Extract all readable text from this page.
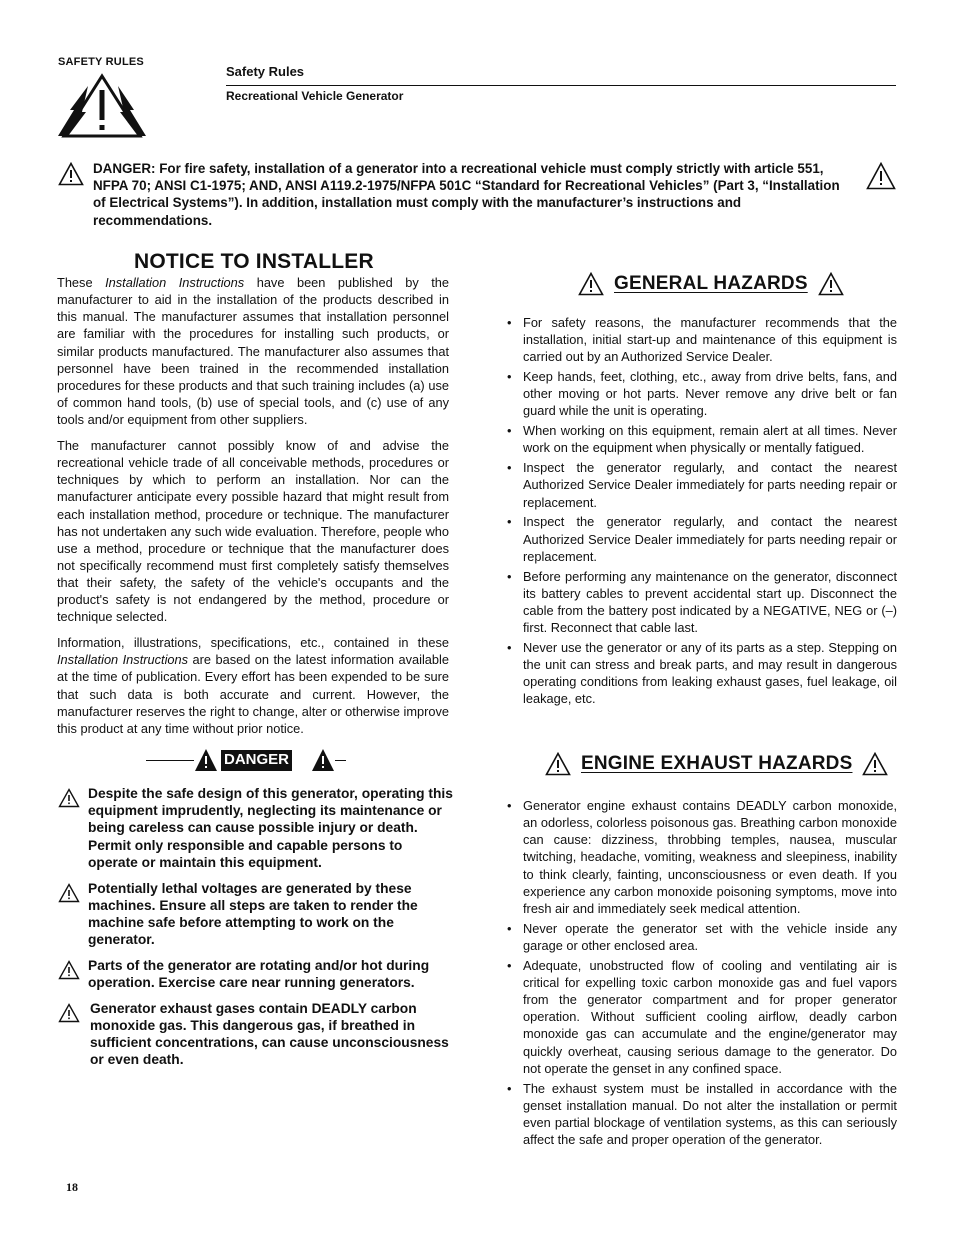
SAFETY RULES
Safety Rules
Recreational Vehicle Generator
DANGER: For fire safety, installation of a generator into a recreational vehicle must comply strictly with article 551, NFPA 70; ANSI C1-1975; AND, ANSI A119.2-1975/NFPA 501C “Standard for Recreational Vehicles” (Part 3, “Installation of Electrical Systems”). In addition, installation must comply with the manufacturer’s instructions and recommendations.
NOTICE TO INSTALLER

These Installation Instructions have been published by the manufacturer to aid in the installation of the products described in this manual. The manufacturer assumes that installation personnel are familiar with the procedures for installing such products, or similar products manufactured. The manufacturer also assumes that personnel have been trained in the recommended installation procedures for these products and that such training includes (a) use of common hand tools, (b) use of special tools, and (c) use of any tools and/or equipment from other suppliers.

The manufacturer cannot possibly know of and advise the recreational vehicle trade of all conceivable methods, procedures or techniques by which to perform an installation. Nor can the manufacturer anticipate every possible hazard that might result from each installation method, procedure or technique. The manufacturer has not undertaken any such wide evaluation. Therefore, people who use a method, procedure or technique that the manufacturer does not specifically recommend must first completely satisfy themselves that their safety, the safety of the vehicle's occupants and the product's safety is not endangered by the method, procedure or technique selected.

Information, illustrations, specifications, etc., contained in these Installation Instructions are based on the latest information available at the time of publication. Every effort has been expended to be sure that such data is both accurate and current. However, the manufacturer reserves the right to change, alter or otherwise improve this product at any time without prior notice.

DANGER
Despite the safe design of this generator, operating this equipment imprudently, neglecting its maintenance or being careless can cause possible injury or death. Permit only responsible and capable persons to operate or maintain this equipment.
Potentially lethal voltages are generated by these machines. Ensure all steps are taken to render the machine safe before attempting to work on the generator.
Parts of the generator are rotating and/or hot during operation. Exercise care near running generators.
Generator exhaust gases contain DEADLY carbon monoxide gas. This dangerous gas, if breathed in sufficient concentrations, can cause unconsciousness or even death.
GENERAL HAZARDS
• For safety reasons, the manufacturer recommends that the installation, initial start-up and maintenance of this equipment is carried out by an Authorized Service Dealer.
• Keep hands, feet, clothing, etc., away from drive belts, fans, and other moving or hot parts. Never remove any drive belt or fan guard while the unit is operating.
• When working on this equipment, remain alert at all times. Never work on the equipment when physically or mentally fatigued.
• Inspect the generator regularly, and contact the nearest Authorized Service Dealer immediately for parts needing repair or replacement.
• Inspect the generator regularly, and contact the nearest Authorized Service Dealer immediately for parts needing repair or replacement.
• Before performing any maintenance on the generator, disconnect its battery cables to prevent accidental start up. Disconnect the cable from the battery post indicated by a NEGATIVE, NEG or (–) first. Reconnect that cable last.
• Never use the generator or any of its parts as a step. Stepping on the unit can stress and break parts, and may result in dangerous operating conditions from leaking exhaust gases, fuel leakage, oil leakage, etc.
ENGINE EXHAUST HAZARDS
• Generator engine exhaust contains DEADLY carbon monoxide, an odorless, colorless poisonous gas. Breathing carbon monoxide can cause: dizziness, throbbing temples, nausea, muscular twitching, headache, vomiting, weakness and sleepiness, inability to think clearly, fainting, unconsciousness or even death. If you experience any carbon monoxide poisoning symptoms, move into fresh air and immediately seek medical attention.
• Never operate the generator set with the vehicle inside any garage or other enclosed area.
• Adequate, unobstructed flow of cooling and ventilating air is critical for expelling toxic carbon monoxide gas and fuel vapors from the generator compartment and for proper generator operation. Without sufficient cooling airflow, deadly carbon monoxide gas can accumulate and the engine/generator may quickly overheat, causing serious damage to the generator. Do not operate the genset in any confined space.
• The exhaust system must be installed in accordance with the genset installation manual. Do not alter the installation or permit even partial blockage of ventilation systems, as this can seriously affect the safe and proper operation of the generator.
18
